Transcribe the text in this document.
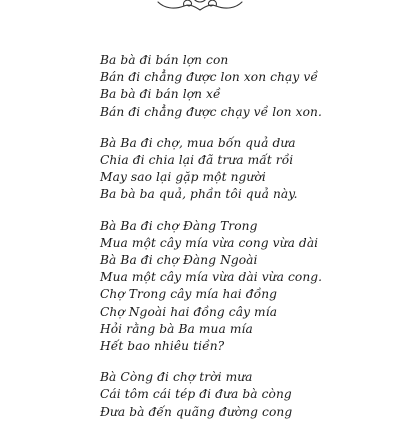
Ba bà đi bán lợn con
Bán đi chẳng được lon xon chạy về
Ba bà đi bán lợn xề
Bán đi chẳng được chạy về lon xon.
Bà Ba đi chợ, mua bốn quả dưa
Chia đi chia lại đã trưa mất rồi
May sao lại gặp một người
Ba bà ba quả, phần tôi quả này.
Bà Ba đi chợ Đàng Trong
Mua một cây mía vừa cong vừa dài
Bà Ba đi chợ Đàng Ngoài
Mua một cây mía vừa dài vừa cong.
Chợ Trong cây mía hai đồng
Chợ Ngoài hai đồng cây mía
Hỏi rằng bà Ba mua mía
Hết bao nhiêu tiền?
Bà Còng đi chợ trời mưa
Cái tôm cái tép đi đưa bà còng
Đưa bà đến quãng đường cong
